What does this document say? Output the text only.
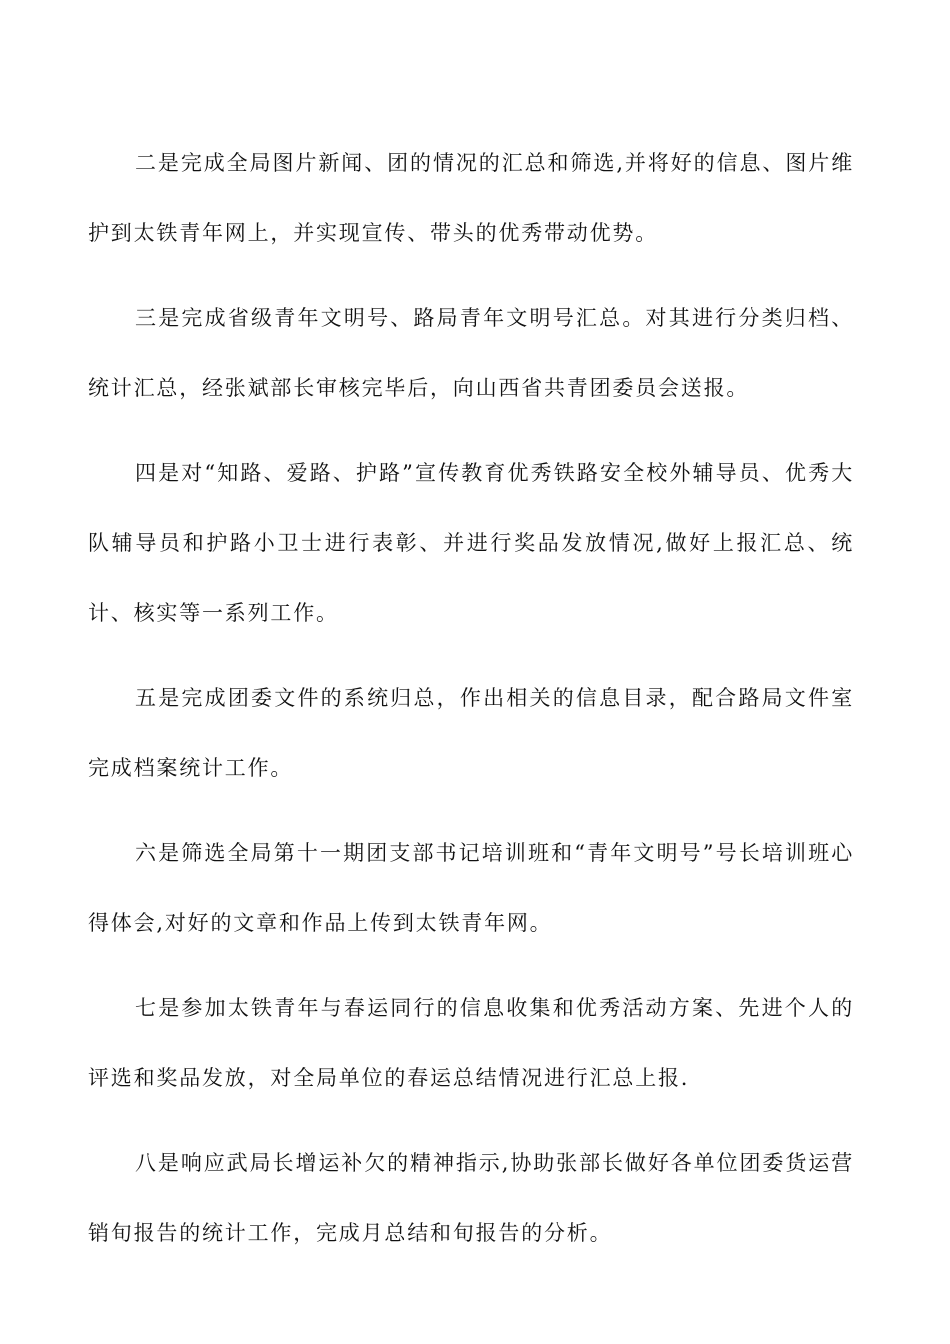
二是完成全局图片新闻、团的情况的汇总和筛选,并将好的信息、图片维护到太铁青年网上，并实现宣传、带头的优秀带动优势。

三是完成省级青年文明号、路局青年文明号汇总。对其进行分类归档、统计汇总，经张斌部长审核完毕后，向山西省共青团委员会送报。

四是对“知路、爱路、护路”宣传教育优秀铁路安全校外辅导员、优秀大队辅导员和护路小卫士进行表彰、并进行奖品发放情况,做好上报汇总、统计、核实等一系列工作。

五是完成团委文件的系统归总，作出相关的信息目录，配合路局文件室完成档案统计工作。

六是筛选全局第十一期团支部书记培训班和“青年文明号”号长培训班心得体会,对好的文章和作品上传到太铁青年网。

七是参加太铁青年与春运同行的信息收集和优秀活动方案、先进个人的评选和奖品发放，对全局单位的春运总结情况进行汇总上报.

八是响应武局长增运补欠的精神指示,协助张部长做好各单位团委货运营销旬报告的统计工作，完成月总结和旬报告的分析。
